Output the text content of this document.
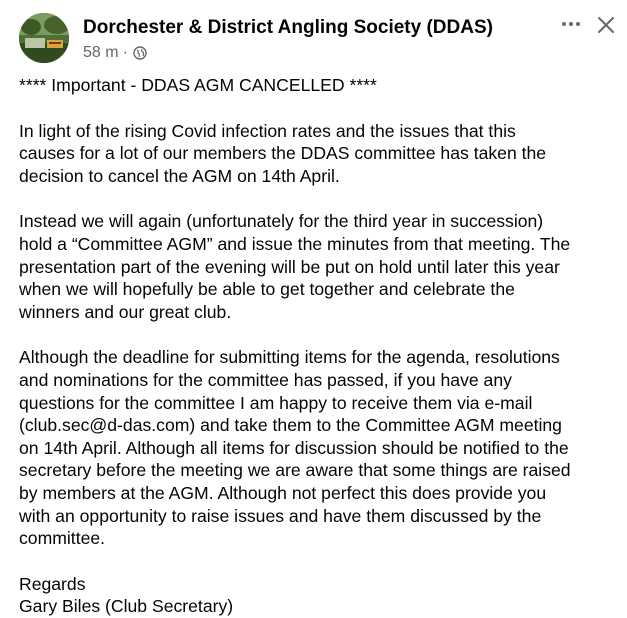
Dorchester & District Angling Society (DDAS)
58 m ·

**** Important - DDAS AGM CANCELLED ****

In light of the rising Covid infection rates and the issues that this

causes for a lot of our members the DDAS committee has taken the

decision to cancel the AGM on 14th April.

Instead we will again (unfortunately for the third year in succession)

hold a “Committee AGM” and issue the minutes from that meeting. The

presentation part of the evening will be put on hold until later this year

when we will hopefully be able to get together and celebrate the

winners and our great club.

Although the deadline for submitting items for the agenda, resolutions

and nominations for the committee has passed, if you have any

questions for the committee I am happy to receive them via e-mail

(club.sec@d-das.com) and take them to the Committee AGM meeting

on 14th April. Although all items for discussion should be notified to the

secretary before the meeting we are aware that some things are raised

by members at the AGM. Although not perfect this does provide you

with an opportunity to raise issues and have them discussed by the

committee.

Regards

Gary Biles (Club Secretary)
